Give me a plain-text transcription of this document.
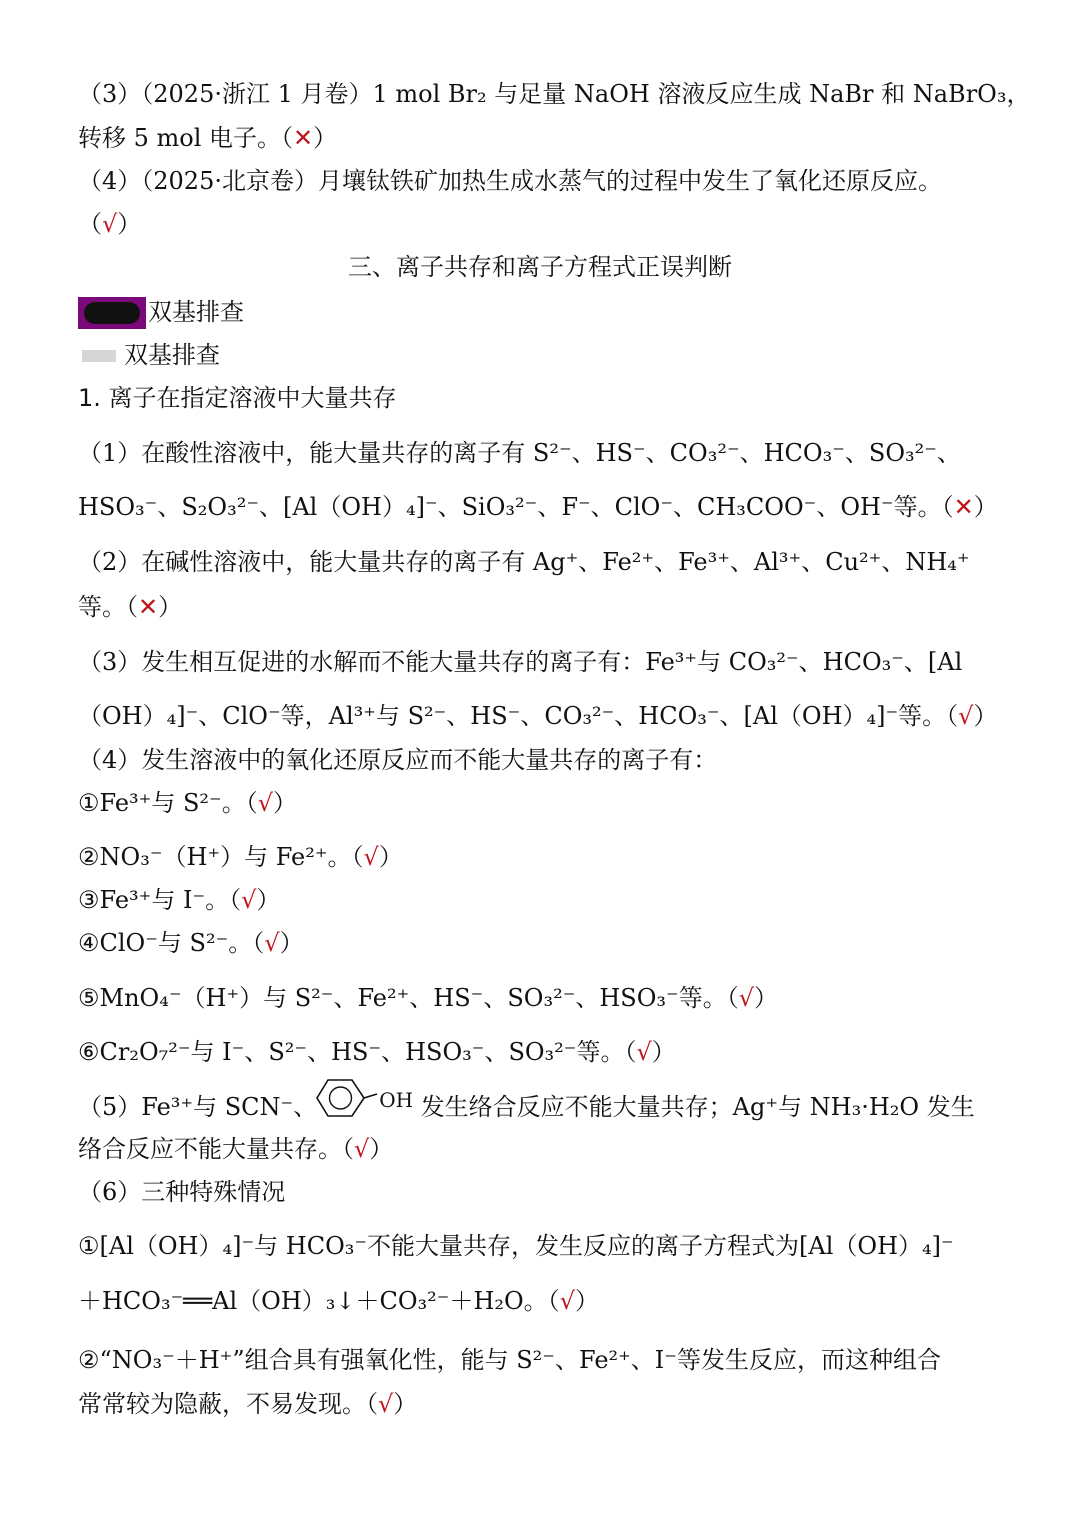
（3）（2025·浙江 1 月卷）1 mol Br₂ 与足量 NaOH 溶液反应生成 NaBr 和 NaBrO₃，
转移 5 mol 电子。（✕）
（4）（2025·北京卷）月壤钛铁矿加热生成水蒸气的过程中发生了氧化还原反应。
（√）
三、离子共存和离子方程式正误判断
双基排查
双基排查
1. 离子在指定溶液中大量共存
（1）在酸性溶液中，能大量共存的离子有 S²⁻、HS⁻、CO₃²⁻、HCO₃⁻、SO₃²⁻、
HSO₃⁻、S₂O₃²⁻、[Al（OH）₄]⁻、SiO₃²⁻、F⁻、ClO⁻、CH₃COO⁻、OH⁻等。（✕）
（2）在碱性溶液中，能大量共存的离子有 Ag⁺、Fe²⁺、Fe³⁺、Al³⁺、Cu²⁺、NH₄⁺
等。（✕）
（3）发生相互促进的水解而不能大量共存的离子有：Fe³⁺与 CO₃²⁻、HCO₃⁻、[Al
（OH）₄]⁻、ClO⁻等，Al³⁺与 S²⁻、HS⁻、CO₃²⁻、HCO₃⁻、[Al（OH）₄]⁻等。（√）
（4）发生溶液中的氧化还原反应而不能大量共存的离子有：
①Fe³⁺与 S²⁻。（√）
②NO₃⁻（H⁺）与 Fe²⁺。（√）
③Fe³⁺与 I⁻。（√）
④ClO⁻与 S²⁻。（√）
⑤MnO₄⁻（H⁺）与 S²⁻、Fe²⁺、HS⁻、SO₃²⁻、HSO₃⁻等。（√）
⑥Cr₂O₇²⁻与 I⁻、S²⁻、HS⁻、HSO₃⁻、SO₃²⁻等。（√）
（5）Fe³⁺与 SCN⁻、	$^{OH}$ 发生络合反应不能大量共存；Ag⁺与 NH₃·H₂O 发生
络合反应不能大量共存。（√）
（6）三种特殊情况
①[Al（OH）₄]⁻与 HCO₃⁻不能大量共存，发生反应的离子方程式为[Al（OH）₄]⁻
＋HCO₃⁻══Al（OH）₃↓＋CO₃²⁻＋H₂O。（√）
②“NO₃⁻＋H⁺”组合具有强氧化性，能与 S²⁻、Fe²⁺、I⁻等发生反应，而这种组合
常常较为隐蔽，不易发现。（√）
